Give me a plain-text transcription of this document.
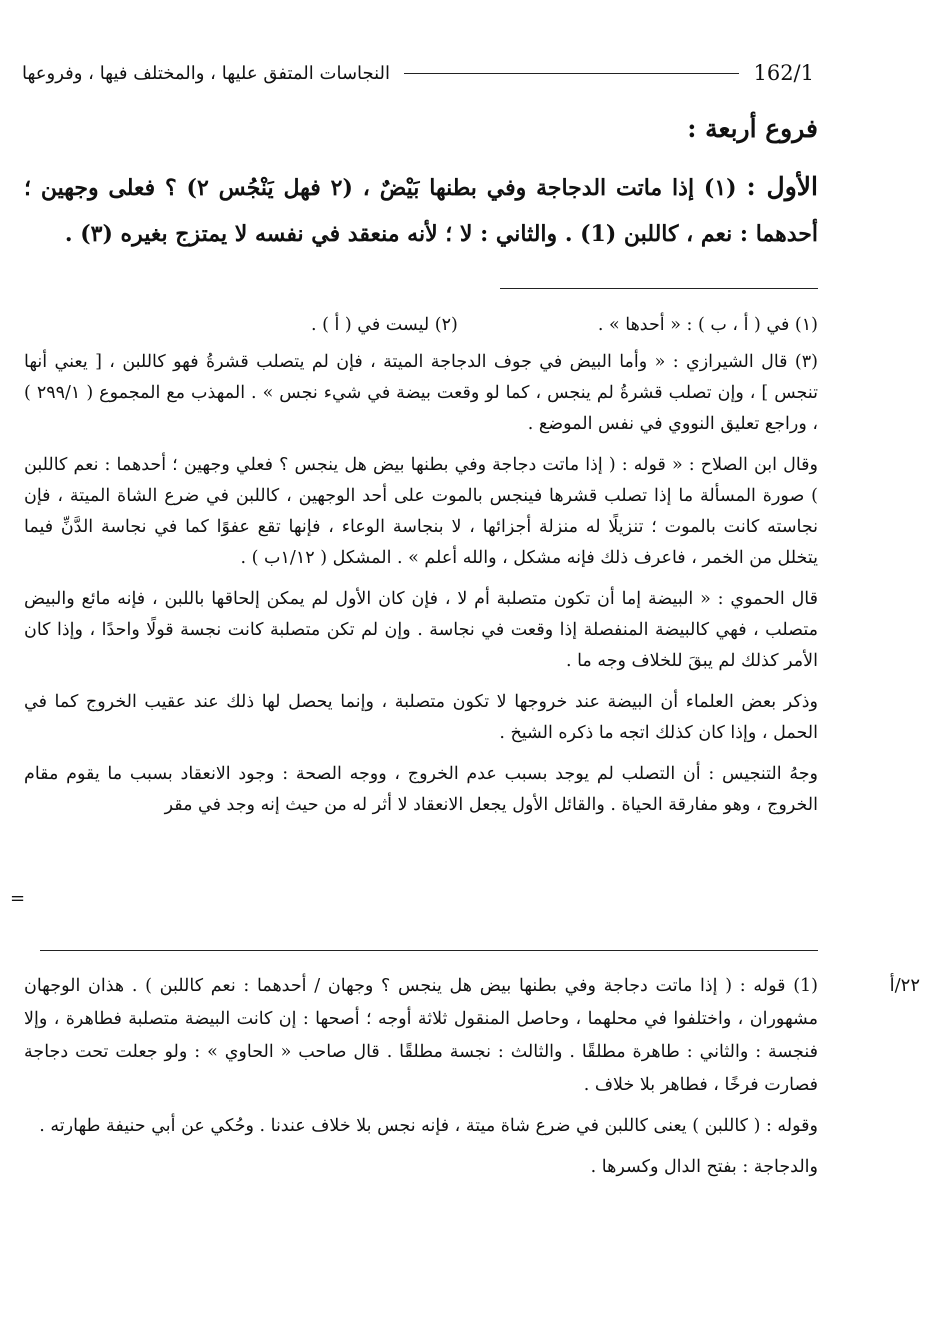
النجاسات المتفق عليها ، والمختلف فيها ، وفروعها	162/1
فروع أربعة :
الأول : (١) إذا ماتت الدجاجة وفي بطنها بَيْضٌ ، (٢ فهل يَنْجُس ٢) ؟ فعلى وجهين ؛ أحدهما : نعم ، كاللبن (1) . والثاني : لا ؛ لأنه منعقد في نفسه لا يمتزج بغيره (٣) .
(١) في ( أ ، ب ) : « أحدها » .
(٢) ليست في ( أ ) .

(٣) قال الشيرازي : « وأما البيض في جوف الدجاجة الميتة ، فإن لم يتصلب قشرةُ فهو كاللبن ، [ يعني أنها تنجس ] ، وإن تصلب قشرةُ لم ينجس ، كما لو وقعت بيضة في شيء نجس » . المهذب مع المجموع ( ٢٩٩/١ ) ، وراجع تعليق النووي في نفس الموضع .

وقال ابن الصلاح : « قوله : ( إذا ماتت دجاجة وفي بطنها بيض هل ينجس ؟ فعلي وجهين ؛ أحدهما : نعم كاللبن ) صورة المسألة ما إذا تصلب قشرها فينجس بالموت على أحد الوجهين ، كاللبن في ضرع الشاة الميتة ، فإن نجاسته كانت بالموت ؛ تنزيلًا له منزلة أجزائها ، لا بنجاسة الوعاء ، فإنها تقع عفوًا كما في نجاسة الدَّنِّ فيما يتخلل من الخمر ، فاعرف ذلك فإنه مشكل ، والله أعلم » . المشكل ( ١/١٢ب ) .

قال الحموي : « البيضة إما أن تكون متصلبة أم لا ، فإن كان الأول لم يمكن إلحاقها باللبن ، فإنه مائع والبيض متصلب ، فهي كالبيضة المنفصلة إذا وقعت في نجاسة . وإن لم تكن متصلبة كانت نجسة قولًا واحدًا ، وإذا كان الأمر كذلك لم يبقَ للخلاف وجه ما .

وذكر بعض العلماء أن البيضة عند خروجها لا تكون متصلبة ، وإنما يحصل لها ذلك عند عقيب الخروج كما في الحمل ، وإذا كان كذلك اتجه ما ذكره الشيخ .

وجهُ التنجيس : أن التصلب لم يوجد بسبب عدم الخروج ، ووجه الصحة : وجود الانعقاد بسبب ما يقوم مقام الخروج ، وهو مفارقة الحياة . والقائل الأول يجعل الانعقاد لا أثر له من حيث إنه وجد في مقر

=
٢٢/أ

(1) قوله : ( إذا ماتت دجاجة وفي بطنها بيض هل ينجس ؟ وجهان / أحدهما : نعم كاللبن ) . هذان الوجهان مشهوران ، واختلفوا في محلهما ، وحاصل المنقول ثلاثة أوجه ؛ أصحها : إن كانت البيضة متصلبة فطاهرة ، وإلا فنجسة : والثاني : طاهرة مطلقًا . والثالث : نجسة مطلقًا . قال صاحب « الحاوي » : ولو جعلت تحت دجاجة فصارت فرخًا ، فطاهر بلا خلاف .

وقوله : ( كاللبن ) يعنى كاللبن في ضرع شاة ميتة ، فإنه نجس بلا خلاف عندنا . وحُكي عن أبي حنيفة طهارته .

والدجاجة : بفتح الدال وكسرها .
